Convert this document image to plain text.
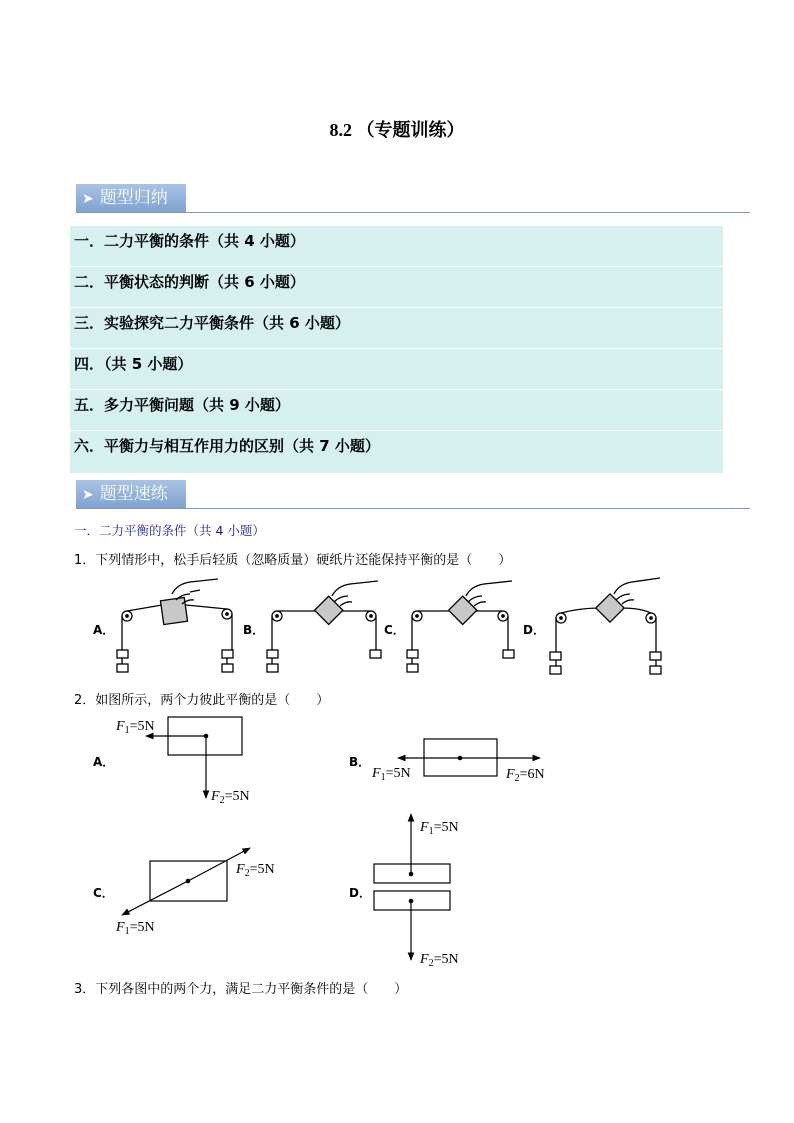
8.2 （专题训练）
➤ 题型归纳
一．二力平衡的条件（共 4 小题）
二．平衡状态的判断（共 6 小题）
三．实验探究二力平衡条件（共 6 小题）
四．（共 5 小题）
五．多力平衡问题（共 9 小题）
六．平衡力与相互作用力的区别（共 7 小题）
➤ 题型速练
一．二力平衡的条件（共 4 小题）
1．下列情形中，松手后轻质（忽略质量）硬纸片还能保持平衡的是（　　）
A．	B．	C．	D．
2．如图所示，两个力彼此平衡的是（　　）
A．	B．
C．	D．
$F_1=5N$
$F_2=5N$
$F_1=5N$	$F_2=6N$
$F_2=5N$
$F_1=5N$
$F_1=5N$
$F_2=5N$
3．下列各图中的两个力，满足二力平衡条件的是（　　）
